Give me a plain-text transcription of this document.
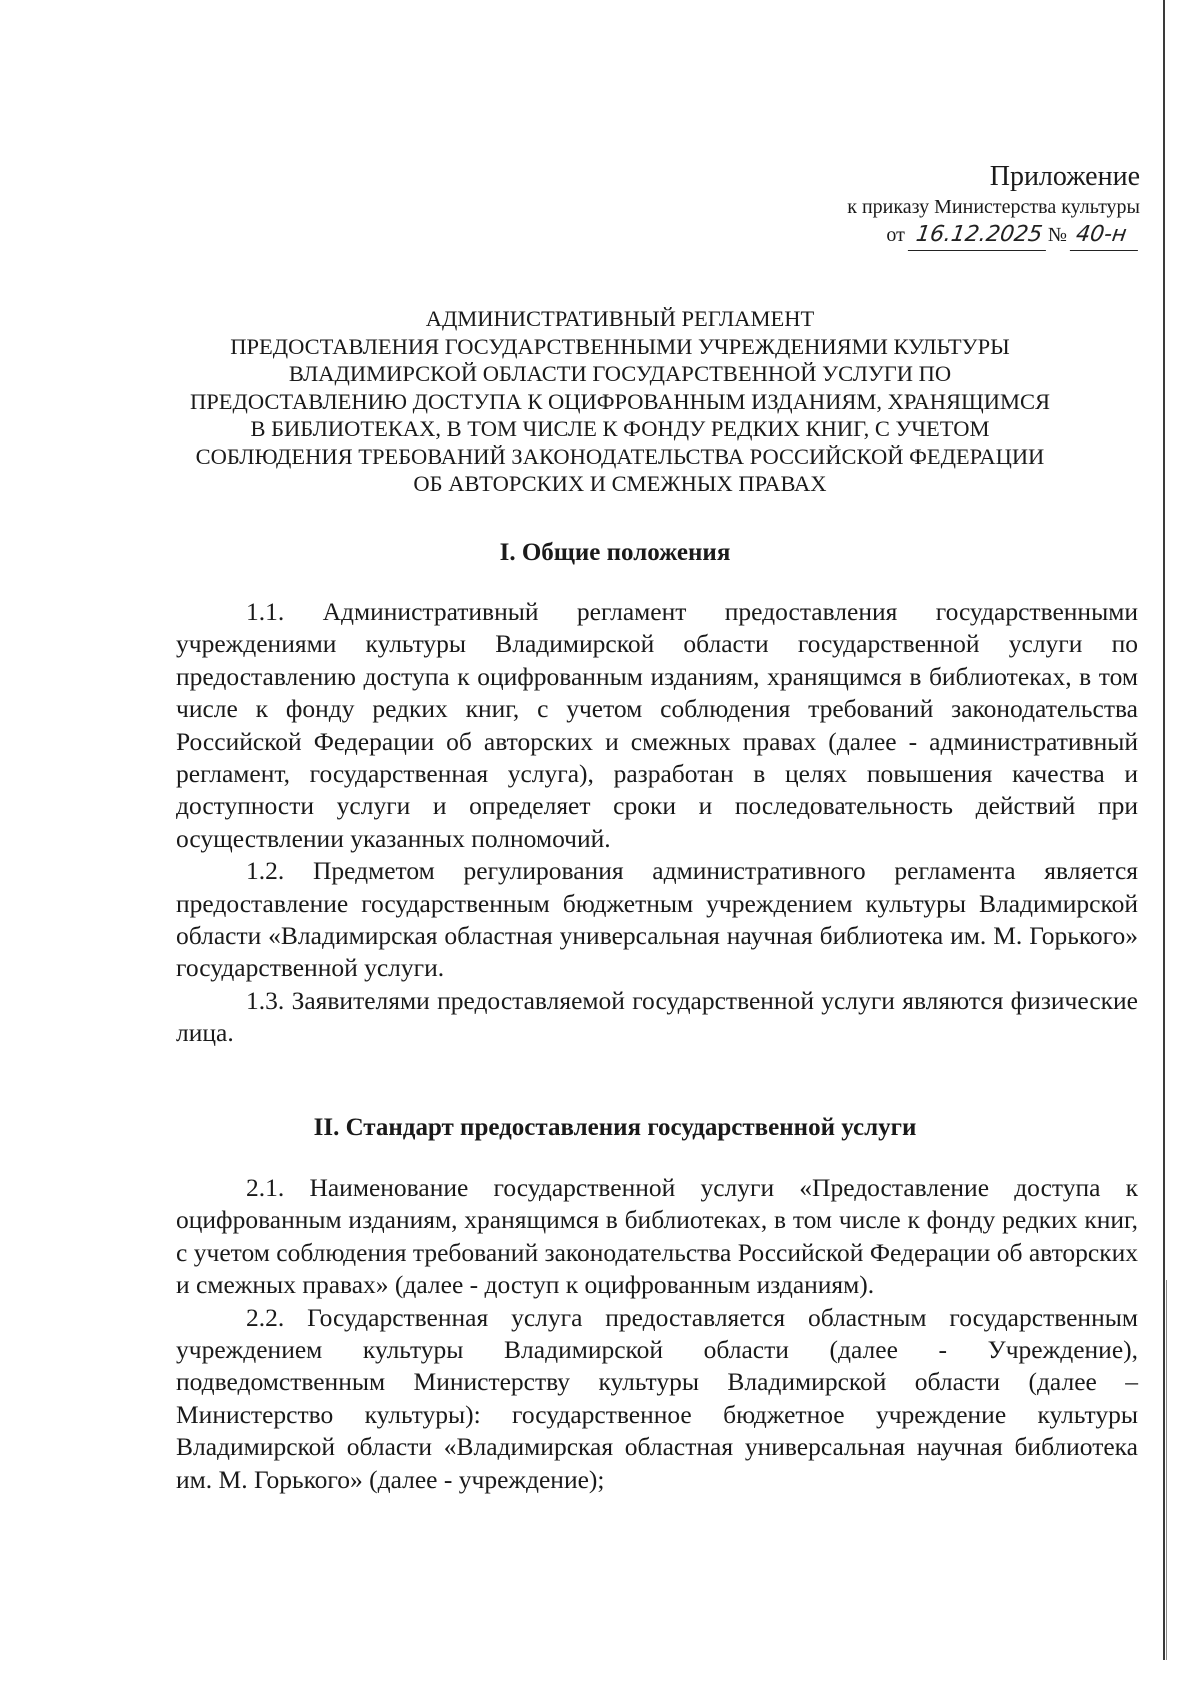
Приложение
к приказу Министерства культуры
от 16.12.2025 № 40-н
АДМИНИСТРАТИВНЫЙ РЕГЛАМЕНТ
ПРЕДОСТАВЛЕНИЯ ГОСУДАРСТВЕННЫМИ УЧРЕЖДЕНИЯМИ КУЛЬТУРЫ
ВЛАДИМИРСКОЙ ОБЛАСТИ ГОСУДАРСТВЕННОЙ УСЛУГИ ПО
ПРЕДОСТАВЛЕНИЮ ДОСТУПА К ОЦИФРОВАННЫМ ИЗДАНИЯМ, ХРАНЯЩИМСЯ
В БИБЛИОТЕКАХ, В ТОМ ЧИСЛЕ К ФОНДУ РЕДКИХ КНИГ, С УЧЕТОМ
СОБЛЮДЕНИЯ ТРЕБОВАНИЙ ЗАКОНОДАТЕЛЬСТВА РОССИЙСКОЙ ФЕДЕРАЦИИ
ОБ АВТОРСКИХ И СМЕЖНЫХ ПРАВАХ
I. Общие положения

1.1. Административный регламент предоставления государственными учреждениями культуры Владимирской области государственной услуги по предоставлению доступа к оцифрованным изданиям, хранящимся в библиотеках, в том числе к фонду редких книг, с учетом соблюдения требований законодательства Российской Федерации об авторских и смежных правах (далее - административный регламент, государственная услуга), разработан в целях повышения качества и доступности услуги и определяет сроки и последовательность действий при осуществлении указанных полномочий.

1.2. Предметом регулирования административного регламента является предоставление государственным бюджетным учреждением культуры Владимирской области «Владимирская областная универсальная научная библиотека им. М. Горького» государственной услуги.

1.3. Заявителями предоставляемой государственной услуги являются физические лица.

II. Стандарт предоставления государственной услуги

2.1. Наименование государственной услуги «Предоставление доступа к оцифрованным изданиям, хранящимся в библиотеках, в том числе к фонду редких книг, с учетом соблюдения требований законодательства Российской Федерации об авторских и смежных правах» (далее - доступ к оцифрованным изданиям).

2.2. Государственная услуга предоставляется областным государственным учреждением культуры Владимирской области (далее - Учреждение), подведомственным Министерству культуры Владимирской области (далее – Министерство культуры): государственное бюджетное учреждение культуры Владимирской области «Владимирская областная универсальная научная библиотека им. М. Горького» (далее - учреждение);
